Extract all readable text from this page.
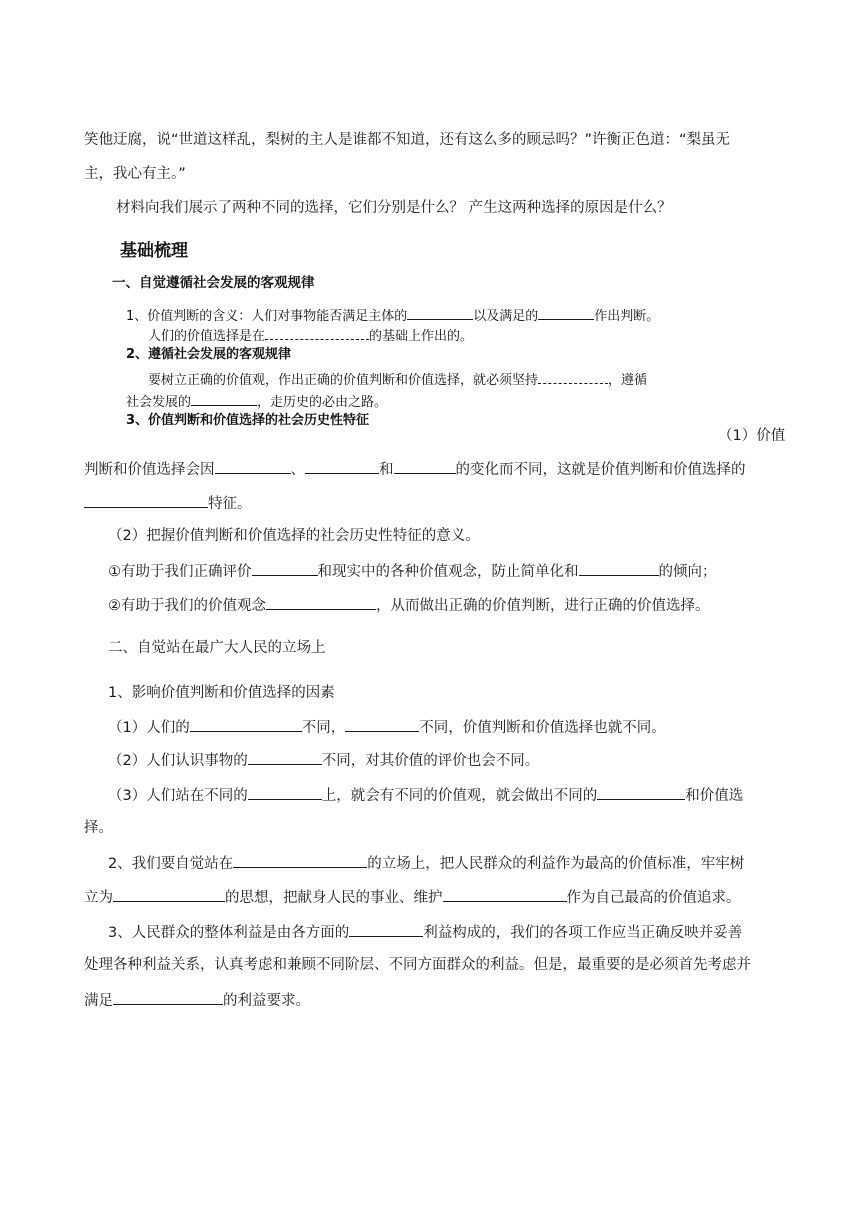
笑他迂腐，说“世道这样乱，梨树的主人是谁都不知道，还有这么多的顾忌吗？”许衡正色道：“梨虽无
主，我心有主。”
材料向我们展示了两种不同的选择，它们分别是什么？ 产生这两种选择的原因是什么？
基础梳理
一、自觉遵循社会发展的客观规律
1、价值判断的含义：人们对事物能否满足主体的	以及满足的	作出判断。
人们的价值选择是在	的基础上作出的。
2、遵循社会发展的客观规律
要树立正确的价值观，作出正确的价值判断和价值选择，就必须坚持	，遵循
社会发展的	，走历史的必由之路。
3、价值判断和价值选择的社会历史性特征
（1）价值
判断和价值选择会因	、	和	的变化而不同，这就是价值判断和价值选择的
特征。
（2）把握价值判断和价值选择的社会历史性特征的意义。
①有助于我们正确评价	和现实中的各种价值观念，防止简单化和	的倾向；
②有助于我们的价值观念	，从而做出正确的价值判断，进行正确的价值选择。
二、自觉站在最广大人民的立场上
1、影响价值判断和价值选择的因素
（1）人们的	不同，	不同，价值判断和价值选择也就不同。
（2）人们认识事物的	不同，对其价值的评价也会不同。
（3）人们站在不同的	上，就会有不同的价值观，就会做出不同的	和价值选
择。
2、我们要自觉站在	的立场上，把人民群众的利益作为最高的价值标准，牢牢树
立为	的思想，把献身人民的事业、维护	作为自己最高的价值追求。
3、人民群众的整体利益是由各方面的	利益构成的，我们的各项工作应当正确反映并妥善
处理各种利益关系，认真考虑和兼顾不同阶层、不同方面群众的利益。但是，最重要的是必须首先考虑并
满足	的利益要求。
